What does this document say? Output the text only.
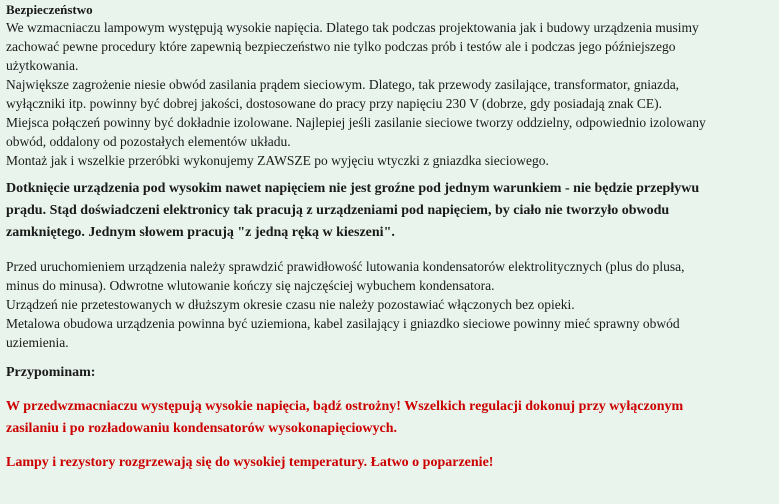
Bezpieczeństwo

We wzmacniaczu lampowym występują wysokie napięcia. Dlatego tak podczas projektowania jak i budowy urządzenia musimy
zachować pewne procedury które zapewnią bezpieczeństwo nie tylko podczas prób i testów ale i podczas jego późniejszego
użytkowania.
Największe zagrożenie niesie obwód zasilania prądem sieciowym. Dlatego, tak przewody zasilające, transformator, gniazda,
wyłączniki itp. powinny być dobrej jakości, dostosowane do pracy przy napięciu 230 V (dobrze, gdy posiadają znak CE).
Miejsca połączeń powinny być dokładnie izolowane. Najlepiej jeśli zasilanie sieciowe tworzy oddzielny, odpowiednio izolowany
obwód, oddalony od pozostałych elementów układu.
Montaż jak i wszelkie przeróbki wykonujemy ZAWSZE po wyjęciu wtyczki z gniazdka sieciowego.

Dotknięcie urządzenia pod wysokim nawet napięciem nie jest groźne pod jednym warunkiem - nie będzie przepływu
prądu. Stąd doświadczeni elektronicy tak pracują z urządzeniami pod napięciem, by ciało nie tworzyło obwodu
zamkniętego. Jednym słowem pracują "z jedną ręką w kieszeni".

Przed uruchomieniem urządzenia należy sprawdzić prawidłowość lutowania kondensatorów elektrolitycznych (plus do plusa,
minus do minusa). Odwrotne wlutowanie kończy się najczęściej wybuchem kondensatora.
Urządzeń nie przetestowanych w dłuższym okresie czasu nie należy pozostawiać włączonych bez opieki.
Metalowa obudowa urządzenia powinna być uziemiona, kabel zasilający i gniazdko sieciowe powinny mieć sprawny obwód
uziemienia.

Przypominam:

W przedwzmacniaczu występują wysokie napięcia, bądź ostrożny! Wszelkich regulacji dokonuj przy wyłączonym
zasilaniu i po rozładowaniu kondensatorów wysokonapięciowych.

Lampy i rezystory rozgrzewają się do wysokiej temperatury. Łatwo o poparzenie!
